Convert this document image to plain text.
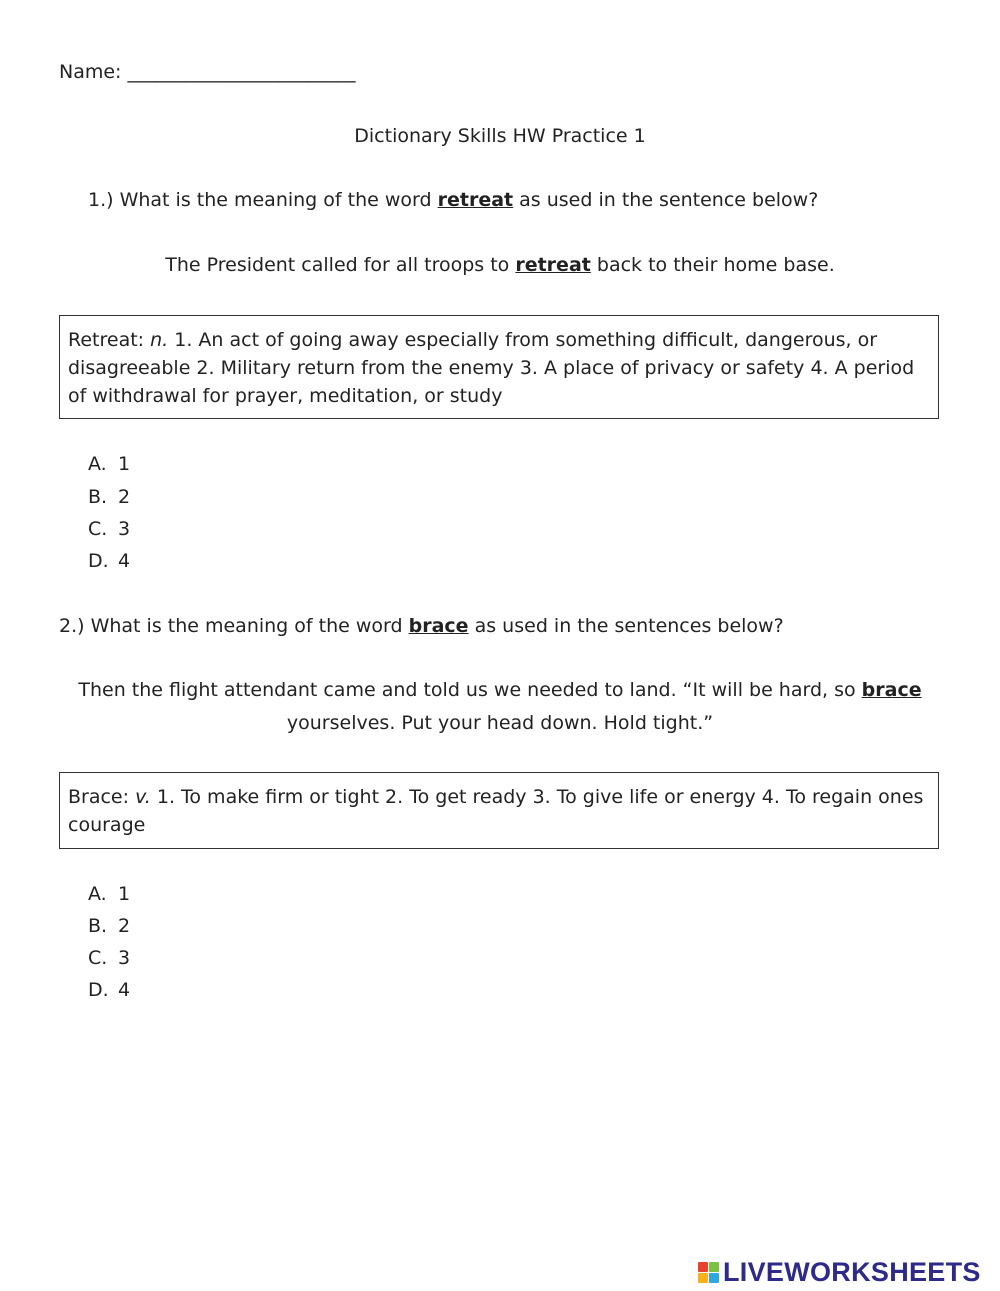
Name: ________________________
Dictionary Skills HW Practice 1
1.) What is the meaning of the word retreat as used in the sentence below?
The President called for all troops to retreat back to their home base.
Retreat: n. 1. An act of going away especially from something difficult, dangerous, or disagreeable 2. Military return from the enemy 3. A place of privacy or safety 4. A period of withdrawal for prayer, meditation, or study
A. 1
B. 2
C. 3
D. 4
2.) What is the meaning of the word brace as used in the sentences below?
Then the flight attendant came and told us we needed to land. “It will be hard, so brace
yourselves. Put your head down. Hold tight.”
Brace: v. 1. To make firm or tight 2. To get ready 3. To give life or energy 4. To regain ones courage
A. 1
B. 2
C. 3
D. 4
LIVEWORKSHEETS
